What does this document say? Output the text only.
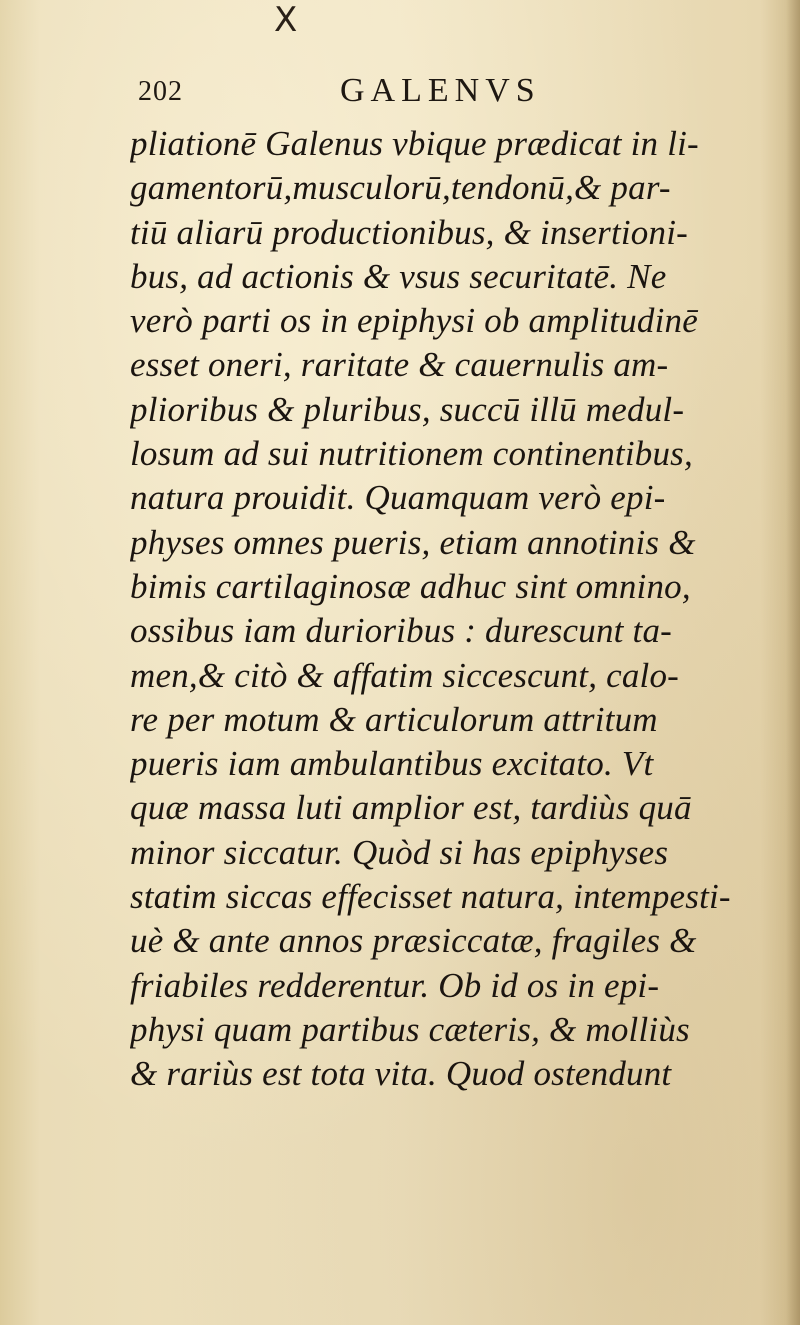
X
202	GALENVS
pliationē Galenus vbique prædicat in li-
gamentorū,musculorū,tendonū,& par-
tiū aliarū productionibus, & insertioni-
bus, ad actionis & vsus securitatē. Ne
verò parti os in epiphysi ob amplitudinē
esset oneri, raritate & cauernulis am-
plioribus & pluribus, succū illū medul-
losum ad sui nutritionem continentibus,
natura prouidit. Quamquam verò epi-
physes omnes pueris, etiam annotinis &
bimis cartilaginosæ adhuc sint omnino,
ossibus iam durioribus : durescunt ta-
men,& citò & affatim siccescunt, calo-
re per motum & articulorum attritum
pueris iam ambulantibus excitato. Vt
quæ massa luti amplior est, tardiùs quā
minor siccatur. Quòd si has epiphyses
statim siccas effecisset natura, intempesti-
uè & ante annos præsiccatæ, fragiles &
friabiles redderentur. Ob id os in epi-
physi quam partibus cæteris, & molliùs
& rariùs est tota vita. Quod ostendunt
